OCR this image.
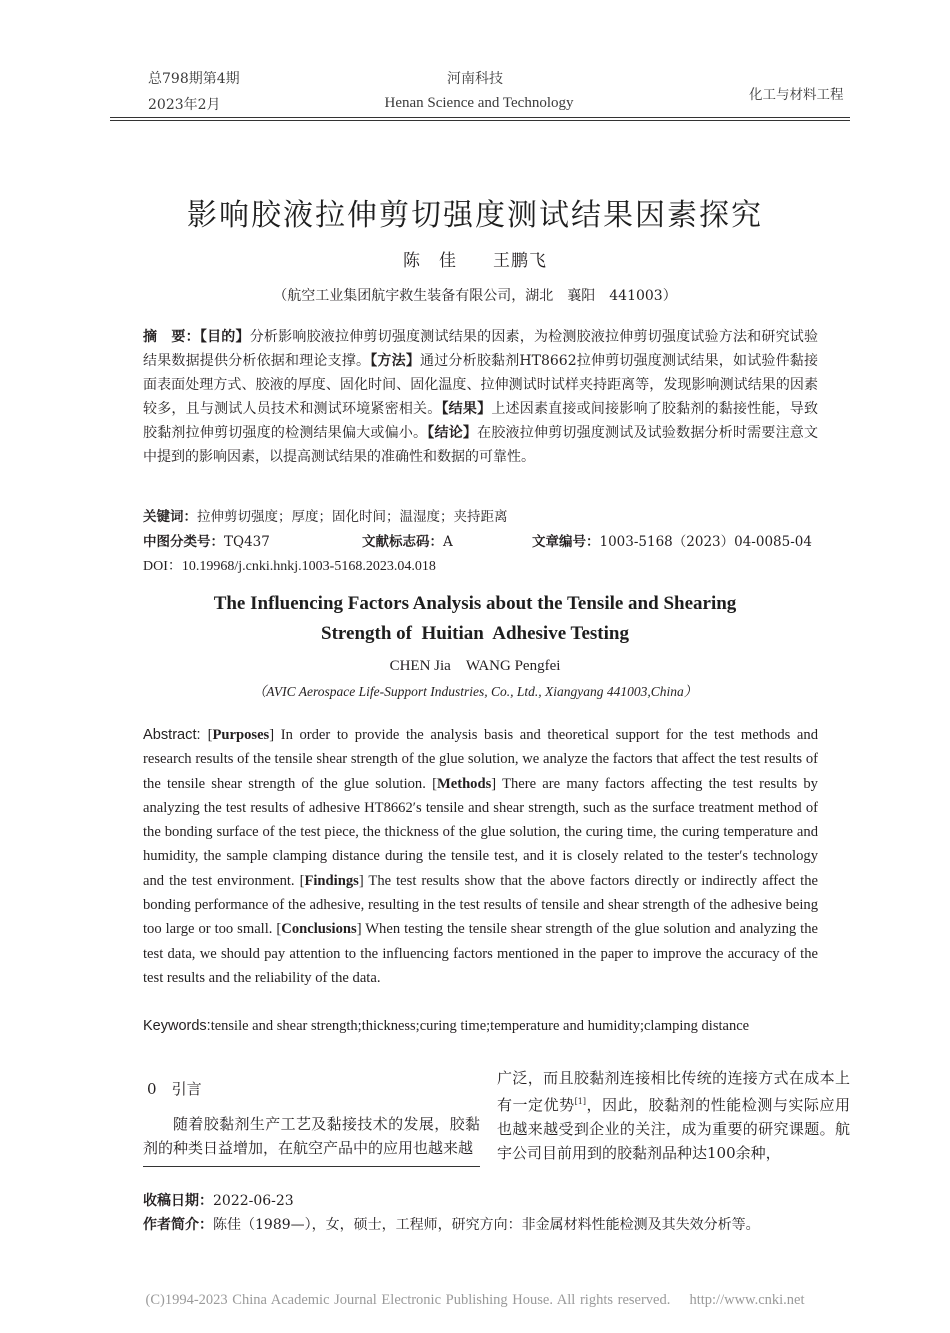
总798期第4期
2023年2月
河南科技
Henan Science and Technology	化工与材料工程
影响胶液拉伸剪切强度测试结果因素探究
陈　佳　　王鹏飞
（航空工业集团航宇救生装备有限公司，湖北　襄阳　441003）
摘　要：【目的】分析影响胶液拉伸剪切强度测试结果的因素，为检测胶液拉伸剪切强度试验方法和研究试验结果数据提供分析依据和理论支撑。【方法】通过分析胶黏剂HT8662拉伸剪切强度测试结果，如试验件黏接面表面处理方式、胶液的厚度、固化时间、固化温度、拉伸测试时试样夹持距离等，发现影响测试结果的因素较多，且与测试人员技术和测试环境紧密相关。【结果】上述因素直接或间接影响了胶黏剂的黏接性能，导致胶黏剂拉伸剪切强度的检测结果偏大或偏小。【结论】在胶液拉伸剪切强度测试及试验数据分析时需要注意文中提到的影响因素，以提高测试结果的准确性和数据的可靠性。
关键词：拉伸剪切强度；厚度；固化时间；温湿度；夹持距离
中图分类号：TQ437	文献标志码：A	文章编号：1003-5168（2023）04-0085-04
DOI：10.19968/j.cnki.hnkj.1003-5168.2023.04.018
The Influencing Factors Analysis about the Tensile and Shearing
Strength of  Huitian  Adhesive Testing
CHEN Jia　WANG Pengfei
（AVIC Aerospace Life-Support Industries, Co., Ltd., Xiangyang 441003,China）
Abstract: [Purposes] In order to provide the analysis basis and theoretical support for the test methods and research results of the tensile shear strength of the glue solution, we analyze the factors that affect the test results of the tensile shear strength of the glue solution. [Methods] There are many factors affecting the test results by analyzing the test results of adhesive HT8662′s tensile and shear strength, such as the surface treatment method of the bonding surface of the test piece, the thickness of the glue solution, the curing time, the curing temperature and humidity, the sample clamping distance during the tensile test, and it is closely related to the tester′s technology and the test environment. [Findings] The test results show that the above factors directly or indirectly affect the bonding performance of the adhesive, resulting in the test results of tensile and shear strength of the adhesive being too large or too small. [Conclusions] When testing the tensile shear strength of the glue solution and analyzing the test data, we should pay attention to the influencing factors mentioned in the paper to improve the accuracy of the test results and the reliability of the data.
Keywords:tensile and shear strength;thickness;curing time;temperature and humidity;clamping distance
0　 引言
随着胶黏剂生产工艺及黏接技术的发展，胶黏剂的种类日益增加，在航空产品中的应用也越来越
广泛，而且胶黏剂连接相比传统的连接方式在成本上有一定优势[1]，因此，胶黏剂的性能检测与实际应用也越来越受到企业的关注，成为重要的研究课题。航宇公司目前用到的胶黏剂品种达100余种，
收稿日期：2022-06-23
作者简介：陈佳（1989—），女，硕士，工程师，研究方向：非金属材料性能检测及其失效分析等。
(C)1994-2023 China Academic Journal Electronic Publishing House. All rights reserved.　 http://www.cnki.net
